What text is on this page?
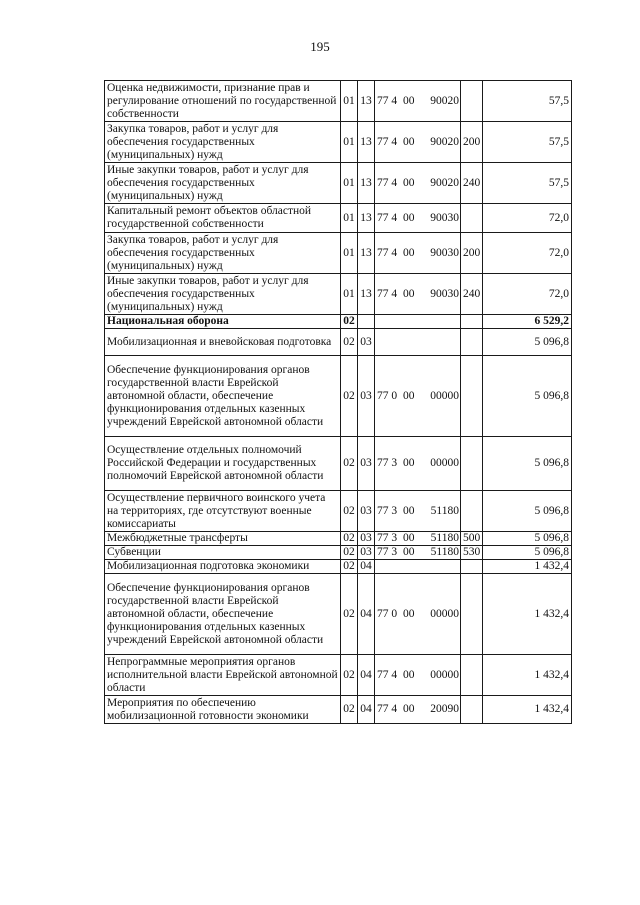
195
Оценка недвижимости, признание прав и регулирование отношений по государственной собственности	01	13	77 4 00 90020		57,5
Закупка товаров, работ и услуг для обеспечения государственных (муниципальных) нужд	01	13	77 4 00 90020	200	57,5
Иные закупки товаров, работ и услуг для обеспечения государственных (муниципальных) нужд	01	13	77 4 00 90020	240	57,5
Капитальный ремонт объектов областной государственной собственности	01	13	77 4 00 90030		72,0
Закупка товаров, работ и услуг для обеспечения государственных (муниципальных) нужд	01	13	77 4 00 90030	200	72,0
Иные закупки товаров, работ и услуг для обеспечения государственных (муниципальных) нужд	01	13	77 4 00 90030	240	72,0
Национальная оборона	02				6 529,2
Мобилизационная и вневойсковая подготовка	02	03			5 096,8
Обеспечение функционирования органов государственной власти Еврейской автономной области, обеспечение функционирования отдельных казенных учреждений Еврейской автономной области	02	03	77 0 00 00000		5 096,8
Осуществление отдельных полномочий Российской Федерации и государственных полномочий Еврейской автономной области	02	03	77 3 00 00000		5 096,8
Осуществление первичного воинского учета на территориях, где отсутствуют военные комиссариаты	02	03	77 3 00 51180		5 096,8
Межбюджетные трансферты	02	03	77 3 00 51180	500	5 096,8
Субвенции	02	03	77 3 00 51180	530	5 096,8
Мобилизационная подготовка экономики	02	04			1 432,4
Обеспечение функционирования органов государственной власти Еврейской автономной области, обеспечение функционирования отдельных казенных учреждений Еврейской автономной области	02	04	77 0 00 00000		1 432,4
Непрограммные мероприятия органов исполнительной власти Еврейской автономной области	02	04	77 4 00 00000		1 432,4
Мероприятия по обеспечению мобилизационной готовности экономики	02	04	77 4 00 20090		1 432,4
